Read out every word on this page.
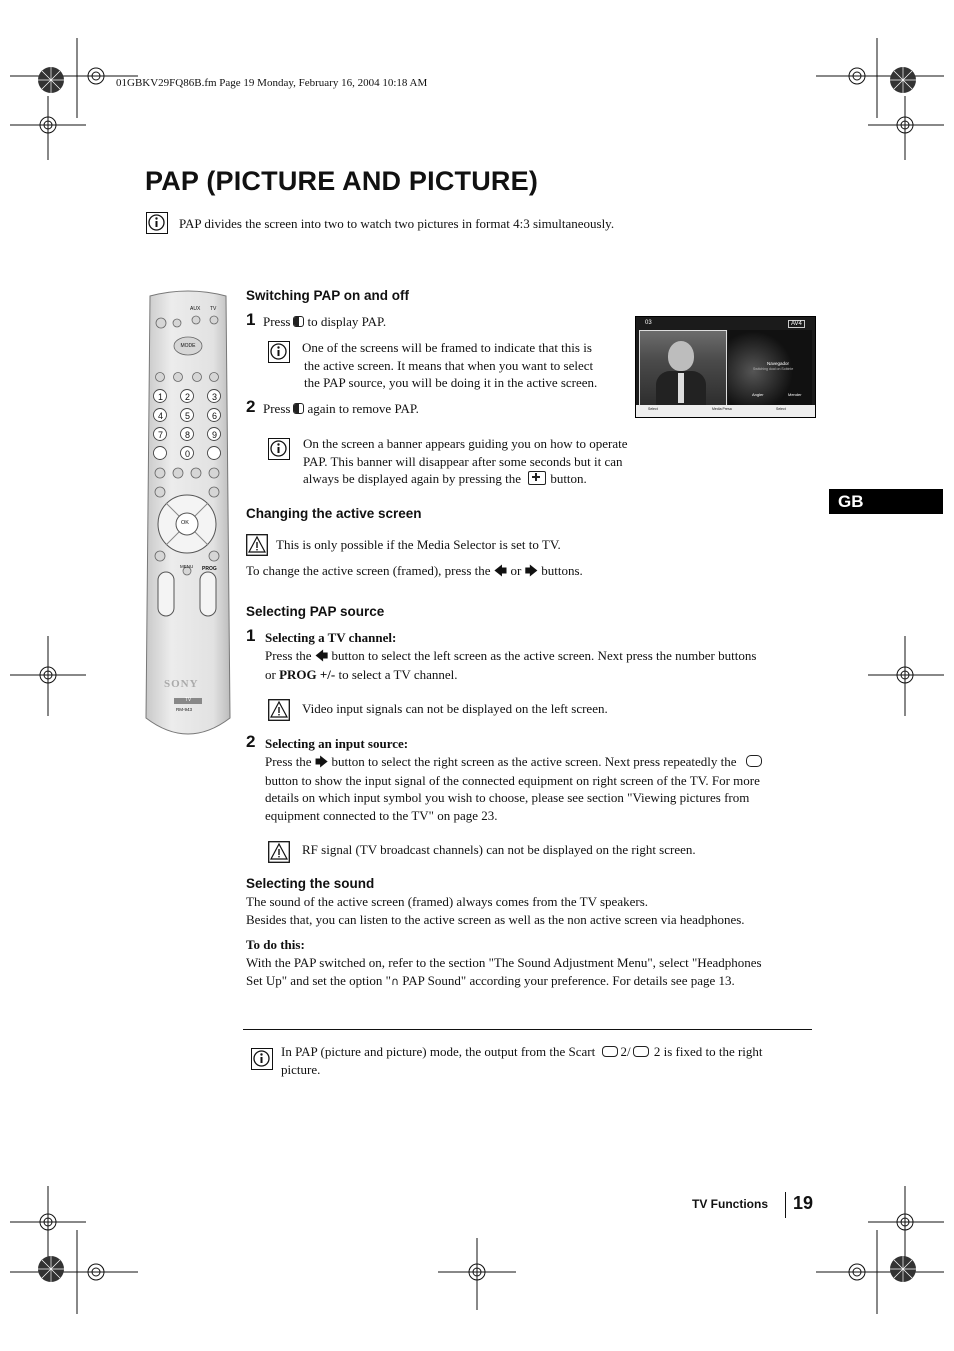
01GBKV29FQ86B.fm Page 19 Monday, February 16, 2004 10:18 AM
PAP (PICTURE AND PICTURE)
PAP divides the screen into two to watch two pictures in format 4:3 simultaneously.
GB
MODE
AUX TV
1 2 3
4 5 6
7 8 9
0
OK
MENU PROG
SONY
TV
RM-943
Switching PAP on and off
1 Press to display PAP.
One of the screens will be framed to indicate that this is
the active screen. It means that when you want to select
the PAP source, you will be doing it in the active screen.
2 Press again to remove PAP.
On the screen a banner appears guiding you on how to operate
PAP. This banner will disappear after some seconds but it can
always be displayed again by pressing the button.
03	AV4
Navegador
Switching dual on Sobinte
Angler	Mender
Select	Media Presa	Select
Changing the active screen
This is only possible if the Media Selector is set to TV.
To change the active screen (framed), press the 🡄 or 🡆 buttons.
Selecting PAP source
1 Selecting a TV channel:
Press the 🡄 button to select the left screen as the active screen. Next press the number buttons
or PROG +/- to select a TV channel.
Video input signals can not be displayed on the left screen.
2 Selecting an input source:
Press the 🡆 button to select the right screen as the active screen. Next press repeatedly the
button to show the input signal of the connected equipment on right screen of the TV. For more
details on which input symbol you wish to choose, please see section "Viewing pictures from
equipment connected to the TV" on page 23.
RF signal (TV broadcast channels) can not be displayed on the right screen.
Selecting the sound
The sound of the active screen (framed) always comes from the TV speakers.
Besides that, you can listen to the active screen as well as the non active screen via headphones.
To do this:
With the PAP switched on, refer to the section "The Sound Adjustment Menu", select "Headphones
Set Up" and set the option "∩ PAP Sound" according your preference. For details see page 13.
In PAP (picture and picture) mode, the output from the Scart 2/ 2 is fixed to the right
picture.
TV Functions 19
